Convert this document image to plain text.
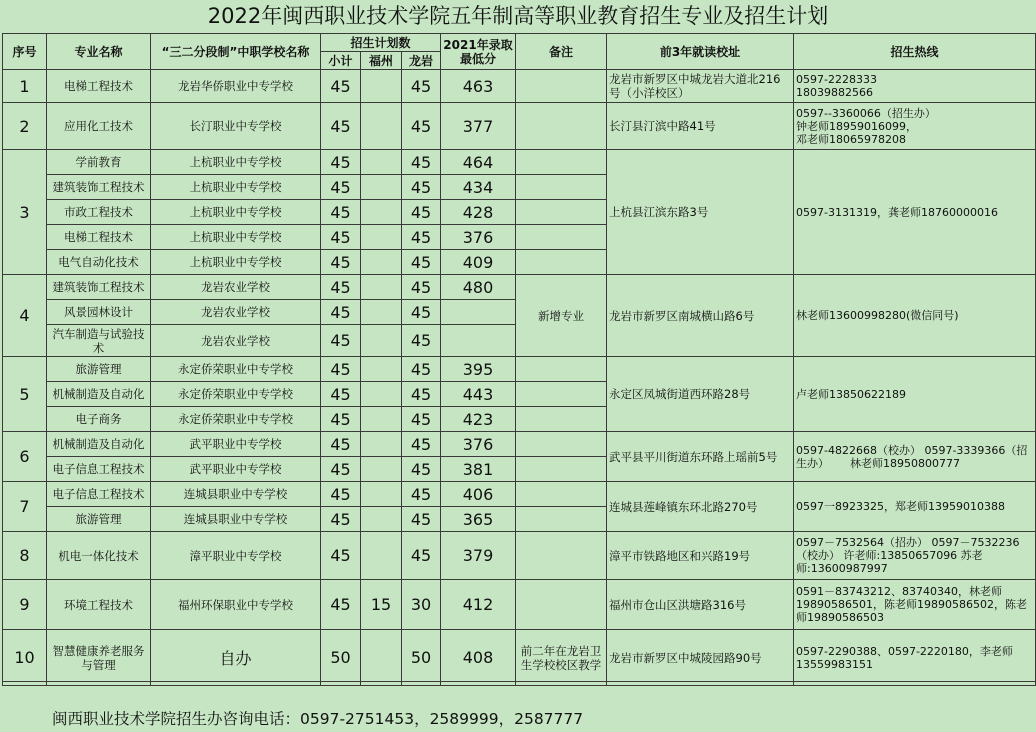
2022年闽西职业技术学院五年制高等职业教育招生专业及招生计划
序号	专业名称	“三二分段制”中职学校名称	招生计划数			2021年录取最低分	备注	前3年就读校址	招生热线
			小计	福州	龙岩				
1	电梯工程技术	龙岩华侨职业中专学校	45		45	463		龙岩市新罗区中城龙岩大道北216号（小洋校区）	0597-2228333
18039882566
2	应用化工技术	长汀职业中专学校	45		45	377		长汀县汀滨中路41号	0597--3360066（招生办）
钟老师18959016099，
邓老师18065978208
3	学前教育	上杭职业中专学校	45		45	464		上杭县江滨东路3号	0597-3131319，龚老师18760000016
	建筑装饰工程技术	上杭职业中专学校	45		45	434			
	市政工程技术	上杭职业中专学校	45		45	428			
	电梯工程技术	上杭职业中专学校	45		45	376			
	电气自动化技术	上杭职业中专学校	45		45	409			
4	建筑装饰工程技术	龙岩农业学校	45		45	480	新增专业	龙岩市新罗区南城横山路6号	林老师13600998280(微信同号)
	风景园林设计	龙岩农业学校	45		45				
	汽车制造与试验技术	龙岩农业学校	45		45				
5	旅游管理	永定侨荣职业中专学校	45		45	395		永定区凤城街道西环路28号	卢老师13850622189
	机械制造及自动化	永定侨荣职业中专学校	45		45	443			
	电子商务	永定侨荣职业中专学校	45		45	423			
6	机械制造及自动化	武平职业中专学校	45		45	376		武平县平川街道东环路上瑶前5号	0597-4822668（校办） 0597-3339366（招生办）      林老师18950800777
	电子信息工程技术	武平职业中专学校	45		45	381			
7	电子信息工程技术	连城县职业中专学校	45		45	406		连城县莲峰镇东环北路270号	0597一8923325，郑老师13959010388
	旅游管理	连城县职业中专学校	45		45	365			
8	机电一体化技术	漳平职业中专学校	45		45	379		漳平市铁路地区和兴路19号	0597－7532564（招办） 0597－7532236（校办） 许老师:13850657096 苏老师:13600987997
9	环境工程技术	福州环保职业中专学校	45	15	30	412		福州市仓山区洪塘路316号	0591－83743212、83740340，林老师19890586501，陈老师19890586502，陈老师19890586503
10	智慧健康养老服务与管理	自办	50		50	408	前二年在龙岩卫生学校校区教学	龙岩市新罗区中城陵园路90号	0597-2290388、0597-2220180，李老师 13559983151
闽西职业技术学院招生办咨询电话：0597-2751453，2589999，2587777
